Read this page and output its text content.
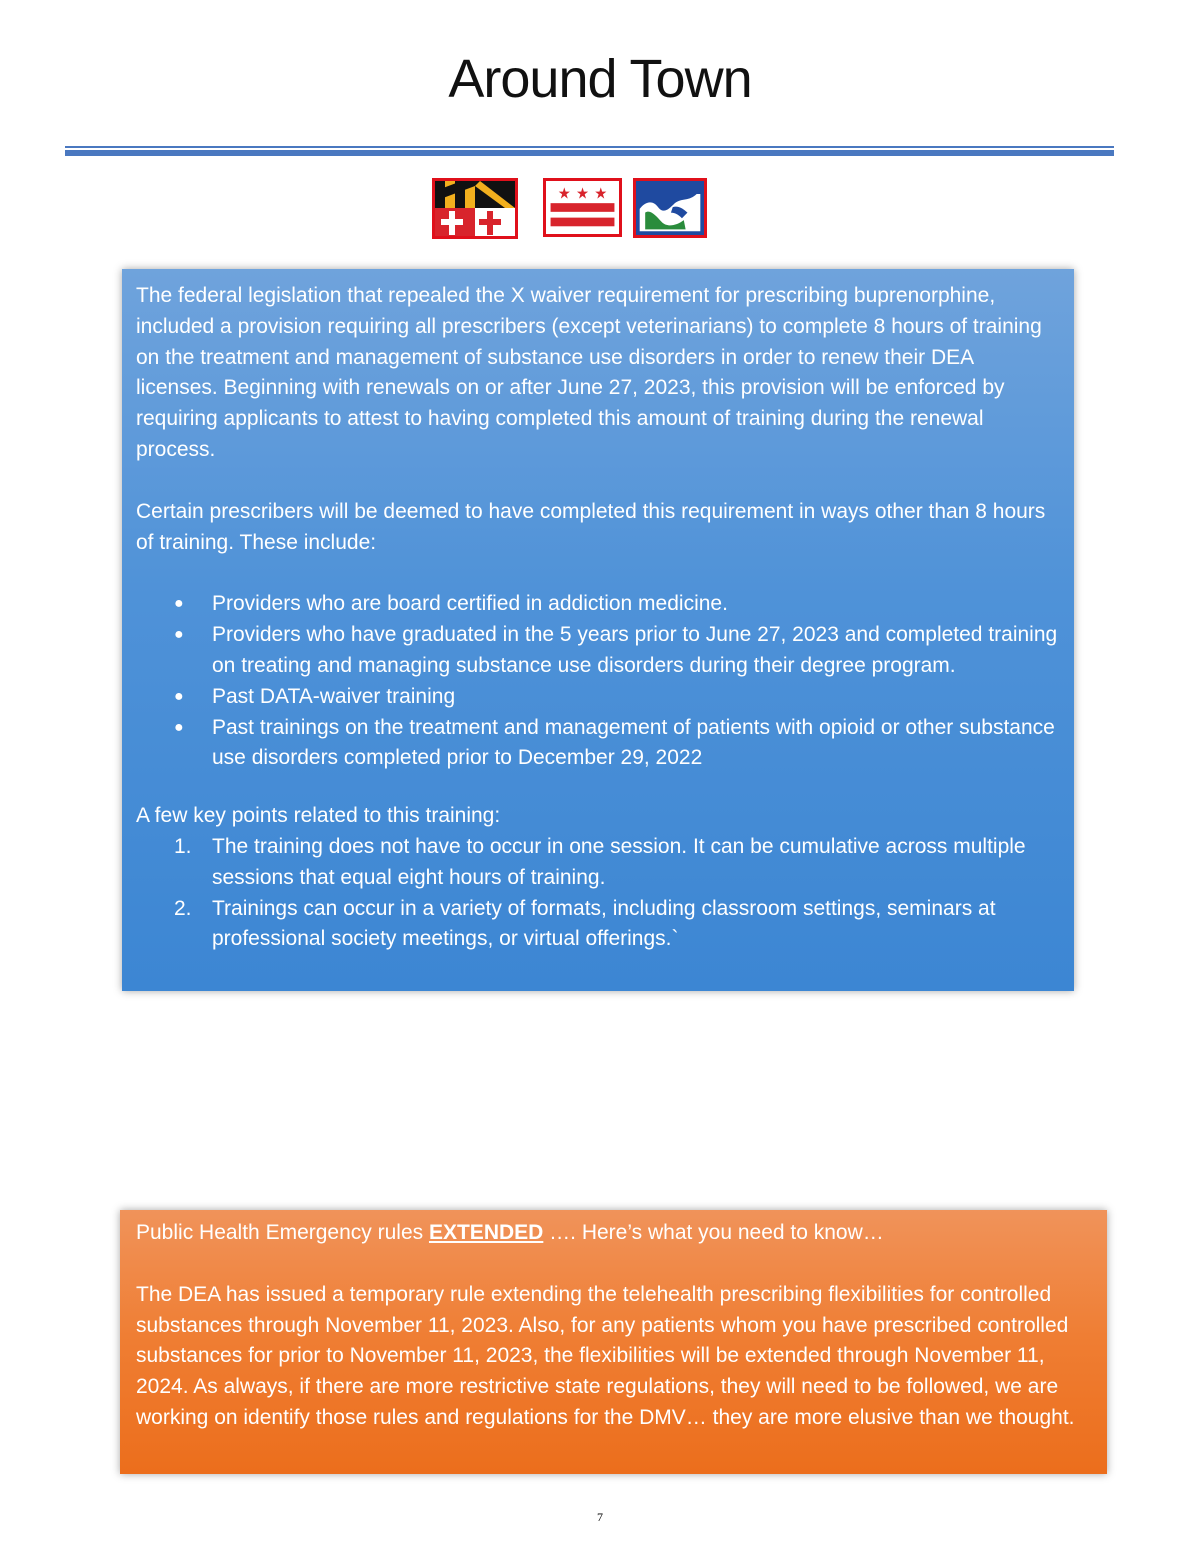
Around Town
★ ★ ★

The federal legislation that repealed the X waiver requirement for prescribing buprenorphine, included a provision requiring all prescribers (except veterinarians) to complete 8 hours of training on the treatment and management of substance use disorders in order to renew their DEA licenses. Beginning with renewals on or after June 27, 2023, this provision will be enforced by requiring applicants to attest to having completed this amount of training during the renewal process.

Certain prescribers will be deemed to have completed this requirement in ways other than 8 hours of training. These include:

● Providers who are board certified in addiction medicine.
● Providers who have graduated in the 5 years prior to June 27, 2023 and completed training on treating and managing substance use disorders during their degree program.
● Past DATA-waiver training
● Past trainings on the treatment and management of patients with opioid or other substance use disorders completed prior to December 29, 2022

A few key points related to this training:

1. The training does not have to occur in one session. It can be cumulative across multiple sessions that equal eight hours of training.
2. Trainings can occur in a variety of formats, including classroom settings, seminars at professional society meetings, or virtual offerings.`

Public Health Emergency rules EXTENDED …. Here’s what you need to know…

The DEA has issued a temporary rule extending the telehealth prescribing flexibilities for controlled substances through November 11, 2023. Also, for any patients whom you have prescribed controlled substances for prior to November 11, 2023, the flexibilities will be extended through November 11, 2024. As always, if there are more restrictive state regulations, they will need to be followed, we are working on identify those rules and regulations for the DMV… they are more elusive than we thought.

7
